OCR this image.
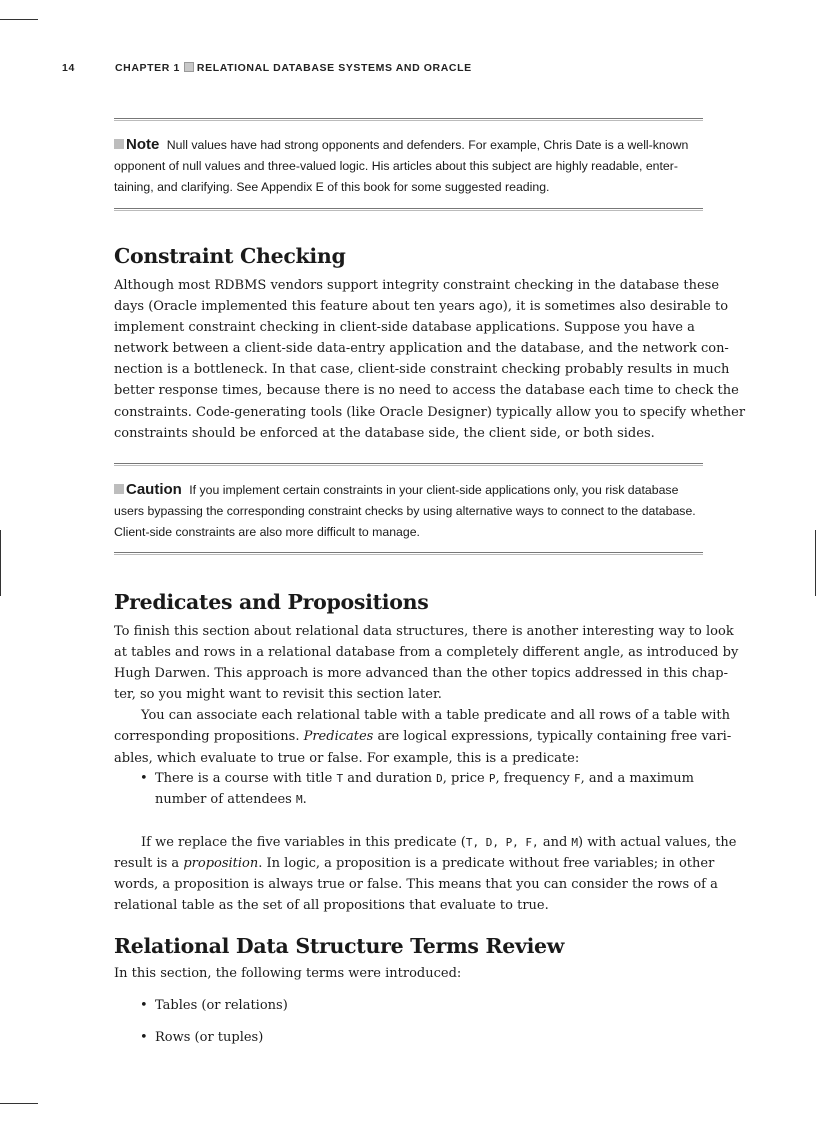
14	CHAPTER 1 RELATIONAL DATABASE SYSTEMS AND ORACLE
Note Null values have had strong opponents and defenders. For example, Chris Date is a well-known
opponent of null values and three-valued logic. His articles about this subject are highly readable, enter-
taining, and clarifying. See Appendix E of this book for some suggested reading.
Constraint Checking
Although most RDBMS vendors support integrity constraint checking in the database these
days (Oracle implemented this feature about ten years ago), it is sometimes also desirable to
implement constraint checking in client-side database applications. Suppose you have a
network between a client-side data-entry application and the database, and the network con-
nection is a bottleneck. In that case, client-side constraint checking probably results in much
better response times, because there is no need to access the database each time to check the
constraints. Code-generating tools (like Oracle Designer) typically allow you to specify whether
constraints should be enforced at the database side, the client side, or both sides.
Caution If you implement certain constraints in your client-side applications only, you risk database
users bypassing the corresponding constraint checks by using alternative ways to connect to the database.
Client-side constraints are also more difficult to manage.
Predicates and Propositions
To finish this section about relational data structures, there is another interesting way to look
at tables and rows in a relational database from a completely different angle, as introduced by
Hugh Darwen. This approach is more advanced than the other topics addressed in this chap-
ter, so you might want to revisit this section later.
You can associate each relational table with a table predicate and all rows of a table with
corresponding propositions. Predicates are logical expressions, typically containing free vari-
ables, which evaluate to true or false. For example, this is a predicate:
• There is a course with title T and duration D, price P, frequency F, and a maximum
number of attendees M.
If we replace the five variables in this predicate (T, D, P, F, and M) with actual values, the
result is a proposition. In logic, a proposition is a predicate without free variables; in other
words, a proposition is always true or false. This means that you can consider the rows of a
relational table as the set of all propositions that evaluate to true.
Relational Data Structure Terms Review
In this section, the following terms were introduced:
• Tables (or relations)
• Rows (or tuples)
